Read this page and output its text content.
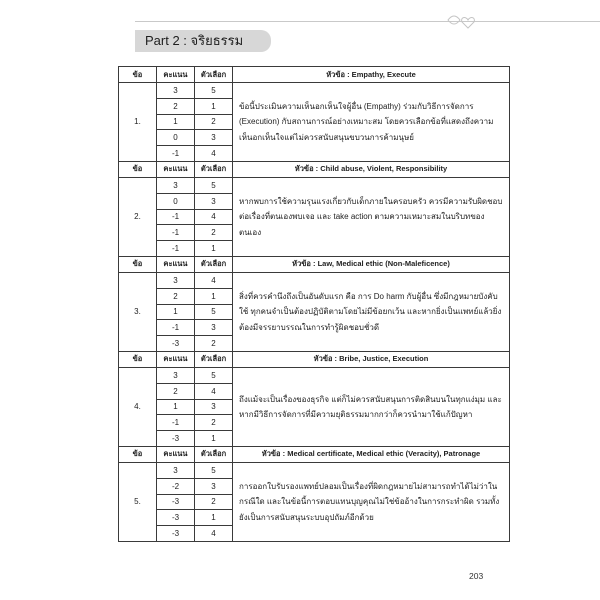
Part 2 : จริยธรรม
ข้อ	คะแนน	ตัวเลือก	หัวข้อ : Empathy, Execute
1.	3	5	ข้อนี้ประเมินความเห็นอกเห็นใจผู้อื่น (Empathy) ร่วมกับวิธีการจัดการ (Execution) กับสถานการณ์อย่างเหมาะสม โดยควรเลือกข้อที่แสดงถึงความเห็นอกเห็นใจแต่ไม่ควรสนับสนุนขบวนการค้ามนุษย์
	2	1	
	1	2	
	0	3	
	-1	4	
ข้อ	คะแนน	ตัวเลือก	หัวข้อ : Child abuse, Violent, Responsibility
2.	3	5	หากพบการใช้ความรุนแรงเกี่ยวกับเด็กภายในครอบครัว ควรมีความรับผิดชอบต่อเรื่องที่ตนเองพบเจอ และ take action ตามความเหมาะสมในบริบทของตนเอง
	0	3	
	-1	4	
	-1	2	
	-1	1	
ข้อ	คะแนน	ตัวเลือก	หัวข้อ : Law, Medical ethic (Non-Maleficence)
3.	3	4	สิ่งที่ควรคำนึงถึงเป็นอันดับแรก คือ การ Do harm กับผู้อื่น ซึ่งมีกฎหมายบังคับใช้ ทุกคนจำเป็นต้องปฏิบัติตามโดยไม่มีข้อยกเว้น และหากยิ่งเป็นแพทย์แล้วยิ่งต้องมีจรรยาบรรณในการทำรู้ผิดชอบชั่วดี
	2	1	
	1	5	
	-1	3	
	-3	2	
ข้อ	คะแนน	ตัวเลือก	หัวข้อ : Bribe, Justice, Execution
4.	3	5	ถึงแม้จะเป็นเรื่องของธุรกิจ แต่ก็ไม่ควรสนับสนุนการติดสินบนในทุกแง่มุม และหากมีวิธีการจัดการที่มีความยุติธรรมมากกว่าก็ควรนำมาใช้แก้ปัญหา
	2	4	
	1	3	
	-1	2	
	-3	1	
ข้อ	คะแนน	ตัวเลือก	หัวข้อ : Medical certificate, Medical ethic (Veracity), Patronage
5.	3	5	การออกใบรับรองแพทย์ปลอมเป็นเรื่องที่ผิดกฎหมายไม่สามารถทำได้ไม่ว่าในกรณีใด และในข้อนี้การตอบแทนบุญคุณไม่ใช่ข้ออ้างในการกระทำผิด รวมทั้งยังเป็นการสนับสนุนระบบอุปถัมภ์อีกด้วย
	-2	3	
	-3	2	
	-3	1	
	-3	4	
203
